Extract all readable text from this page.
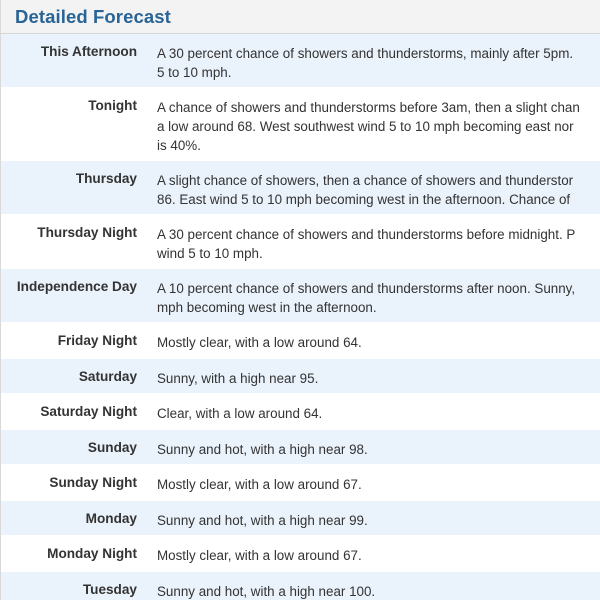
Detailed Forecast
This Afternoon A 30 percent chance of showers and thunderstorms, mainly after 5pm.
5 to 10 mph.
Tonight A chance of showers and thunderstorms before 3am, then a slight chan
a low around 68. West southwest wind 5 to 10 mph becoming east nor
is 40%.
Thursday A slight chance of showers, then a chance of showers and thunderstor
86. East wind 5 to 10 mph becoming west in the afternoon. Chance of
Thursday Night A 30 percent chance of showers and thunderstorms before midnight. P
wind 5 to 10 mph.
Independence Day A 10 percent chance of showers and thunderstorms after noon. Sunny,
mph becoming west in the afternoon.
Friday Night Mostly clear, with a low around 64.
Saturday Sunny, with a high near 95.
Saturday Night Clear, with a low around 64.
Sunday Sunny and hot, with a high near 98.
Sunday Night Mostly clear, with a low around 67.
Monday Sunny and hot, with a high near 99.
Monday Night Mostly clear, with a low around 67.
Tuesday Sunny and hot, with a high near 100.
